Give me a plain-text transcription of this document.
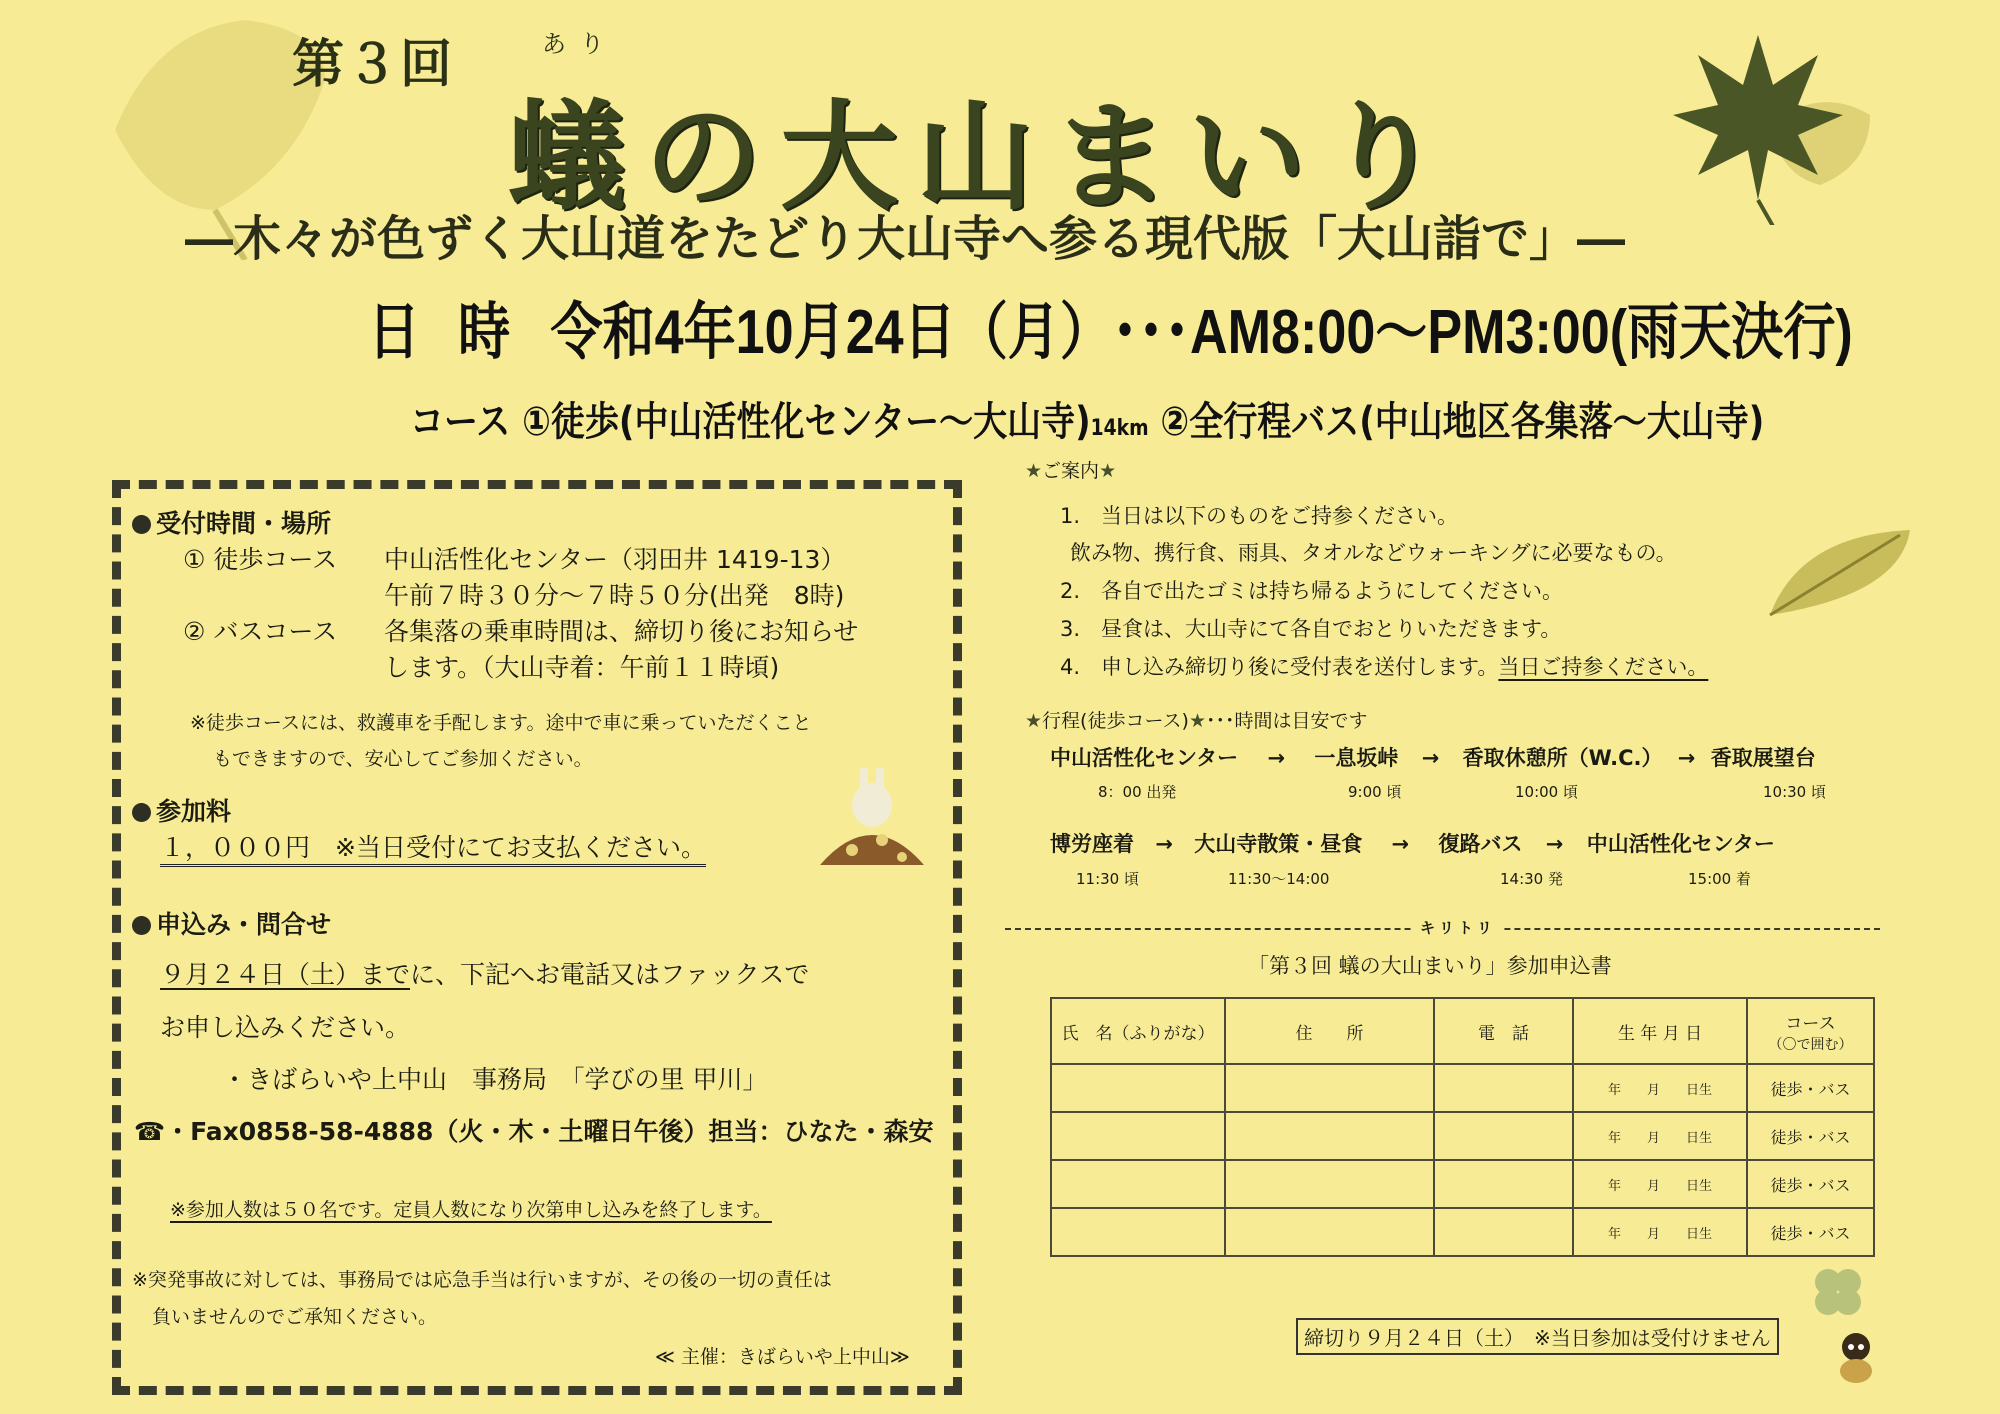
第３回	あり
蟻の大山まいり
―木々が色ずく大山道をたどり大山寺へ参る現代版「大山詣で」―
日 時 令和4年10月24日（月）･･･AM8:00～PM3:00(雨天決行)
コース ①徒歩(中山活性化センター～大山寺)14km ②全行程バス(中山地区各集落～大山寺)
受付時間・場所
① 徒歩コース 中山活性化センター（羽田井 1419-13）
午前７時３０分～７時５０分(出発　8時)
② バスコース 各集落の乗車時間は、締切り後にお知らせ
します。（大山寺着：午前１１時頃)
※徒歩コースには、救護車を手配します。途中で車に乗っていただくこと
もできますので、安心してご参加ください。
参加料
１，０００円　※当日受付にてお支払ください。
申込み・問合せ
９月２４日（土）までに、下記へお電話又はファックスで
お申し込みください。
・きばらいや上中山　事務局　「学びの里 甲川」
☎・Fax0858-58-4888（火・木・土曜日午後）担当：ひなた・森安
※参加人数は５０名です。定員人数になり次第申し込みを終了します。
※突発事故に対しては、事務局では応急手当は行いますが、その後の一切の責任は
負いませんのでご承知ください。
≪ 主催：きばらいや上中山≫
★ご案内★
1.　当日は以下のものをご持参ください。
飲み物、携行食、雨具、タオルなどウォーキングに必要なもの。
2.　各自で出たゴミは持ち帰るようにしてください。
3.　昼食は、大山寺にて各自でおとりいただきます。
4.　申し込み締切り後に受付表を送付します。当日ご持参ください。
★行程(徒歩コース)★･･･時間は目安です
中山活性化センター → 一息坂峠 → 香取休憩所（W.C.） → 香取展望台
8：00 出発	9:00 頃	10:00 頃	10:30 頃
博労座着 → 大山寺散策・昼食 → 復路バス → 中山活性化センター
11:30 頃	11:30～14:00	14:30 発	15:00 着
キリトリ
「第３回 蟻の大山まいり」参加申込書
氏　名（ふりがな）	住　　所	電　話	生 年 月 日	コース
（〇で囲む）
			年　　月　　日生	徒歩・バス
			年　　月　　日生	徒歩・バス
			年　　月　　日生	徒歩・バス
			年　　月　　日生	徒歩・バス
締切り９月２４日（土）　※当日参加は受付けません
